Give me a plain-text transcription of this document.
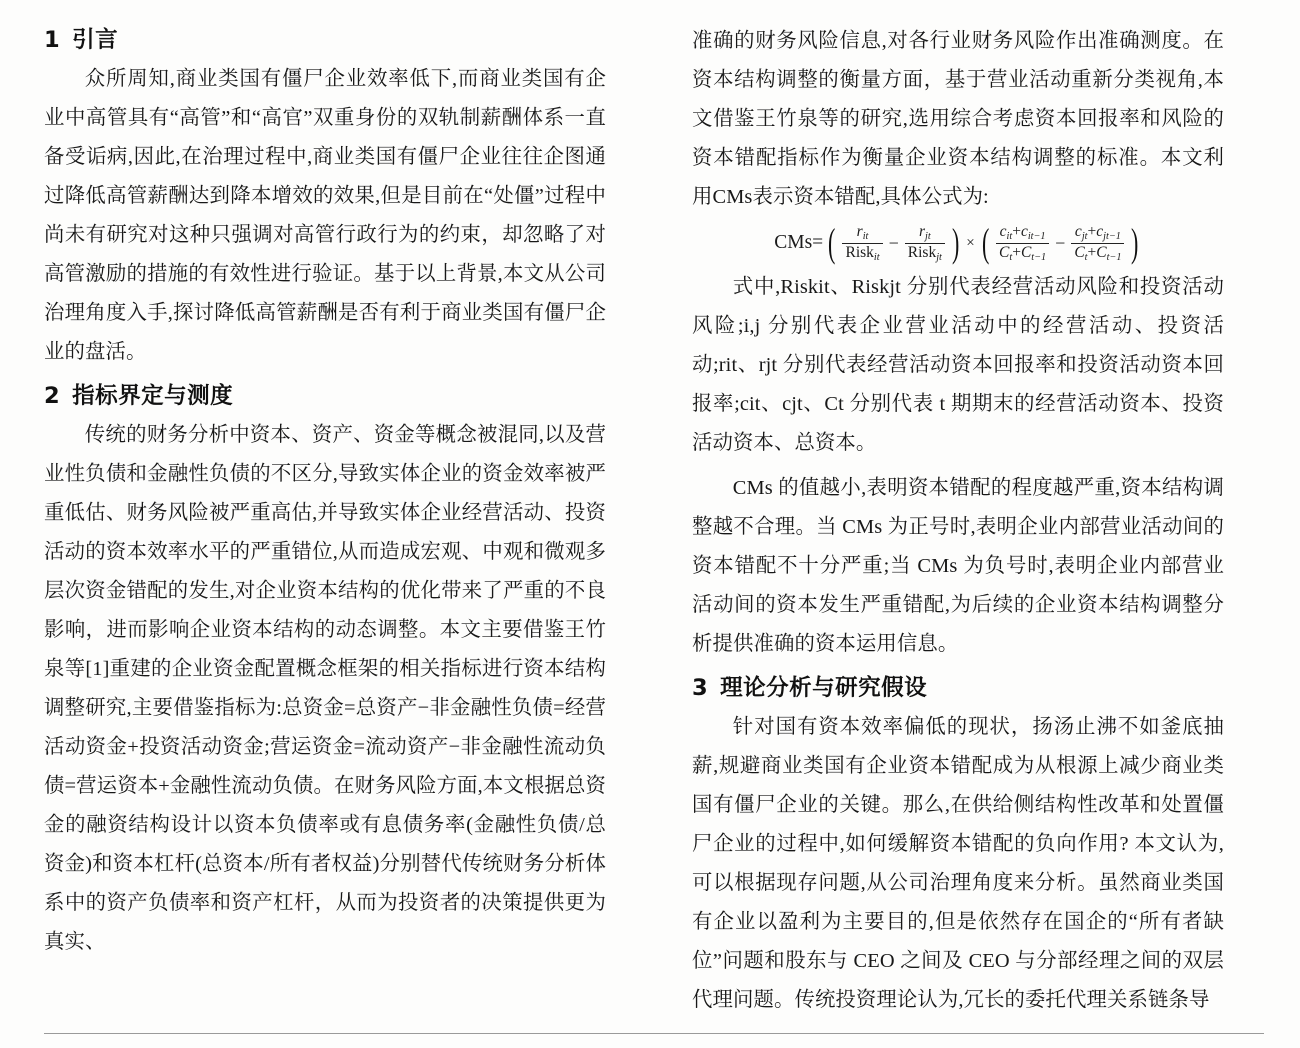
1 引言

众所周知,商业类国有僵尸企业效率低下,而商业类国有企业中高管具有“高管”和“高官”双重身份的双轨制薪酬体系一直备受诟病,因此,在治理过程中,商业类国有僵尸企业往往企图通过降低高管薪酬达到降本增效的效果,但是目前在“处僵”过程中尚未有研究对这种只强调对高管行政行为的约束，却忽略了对高管激励的措施的有效性进行验证。基于以上背景,本文从公司治理角度入手,探讨降低高管薪酬是否有利于商业类国有僵尸企业的盘活。

2 指标界定与测度

传统的财务分析中资本、资产、资金等概念被混同,以及营业性负债和金融性负债的不区分,导致实体企业的资金效率被严重低估、财务风险被严重高估,并导致实体企业经营活动、投资活动的资本效率水平的严重错位,从而造成宏观、中观和微观多层次资金错配的发生,对企业资本结构的优化带来了严重的不良影响，进而影响企业资本结构的动态调整。本文主要借鉴王竹泉等[1]重建的企业资金配置概念框架的相关指标进行资本结构调整研究,主要借鉴指标为:总资金=总资产−非金融性负债=经营活动资金+投资活动资金;营运资金=流动资产−非金融性流动负债=营运资本+金融性流动负债。在财务风险方面,本文根据总资金的融资结构设计以资本负债率或有息债务率(金融性负债/总资金)和资本杠杆(总资本/所有者权益)分别替代传统财务分析体系中的资产负债率和资产杠杆，从而为投资者的决策提供更为真实、

准确的财务风险信息,对各行业财务风险作出准确测度。在资本结构调整的衡量方面，基于营业活动重新分类视角,本文借鉴王竹泉等的研究,选用综合考虑资本回报率和风险的资本错配指标作为衡量企业资本结构调整的标准。本文利用CMs表示资本错配,具体公式为:

CMs= ( $\frac{r_{it}}{Risk_{it}} - \frac{r_{jt}}{Risk_{jt}}$ ) × ( $\frac{c_{it}+c_{it-1}}{C_t+C_{t-1}} - \frac{c_{jt}+c_{jt-1}}{C_t+C_{t-1}}$ )

式中,Riskit、Riskjt 分别代表经营活动风险和投资活动风险;i,j 分别代表企业营业活动中的经营活动、投资活动;rit、rjt 分别代表经营活动资本回报率和投资活动资本回报率;cit、cjt、Ct 分别代表 t 期期末的经营活动资本、投资活动资本、总资本。

CMs 的值越小,表明资本错配的程度越严重,资本结构调整越不合理。当 CMs 为正号时,表明企业内部营业活动间的资本错配不十分严重;当 CMs 为负号时,表明企业内部营业活动间的资本发生严重错配,为后续的企业资本结构调整分析提供准确的资本运用信息。

3 理论分析与研究假设

针对国有资本效率偏低的现状，扬汤止沸不如釜底抽薪,规避商业类国有企业资本错配成为从根源上减少商业类国有僵尸企业的关键。那么,在供给侧结构性改革和处置僵尸企业的过程中,如何缓解资本错配的负向作用? 本文认为,可以根据现存问题,从公司治理角度来分析。虽然商业类国有企业以盈利为主要目的,但是依然存在国企的“所有者缺位”问题和股东与 CEO 之间及 CEO 与分部经理之间的双层代理问题。传统投资理论认为,冗长的委托代理关系链条导
